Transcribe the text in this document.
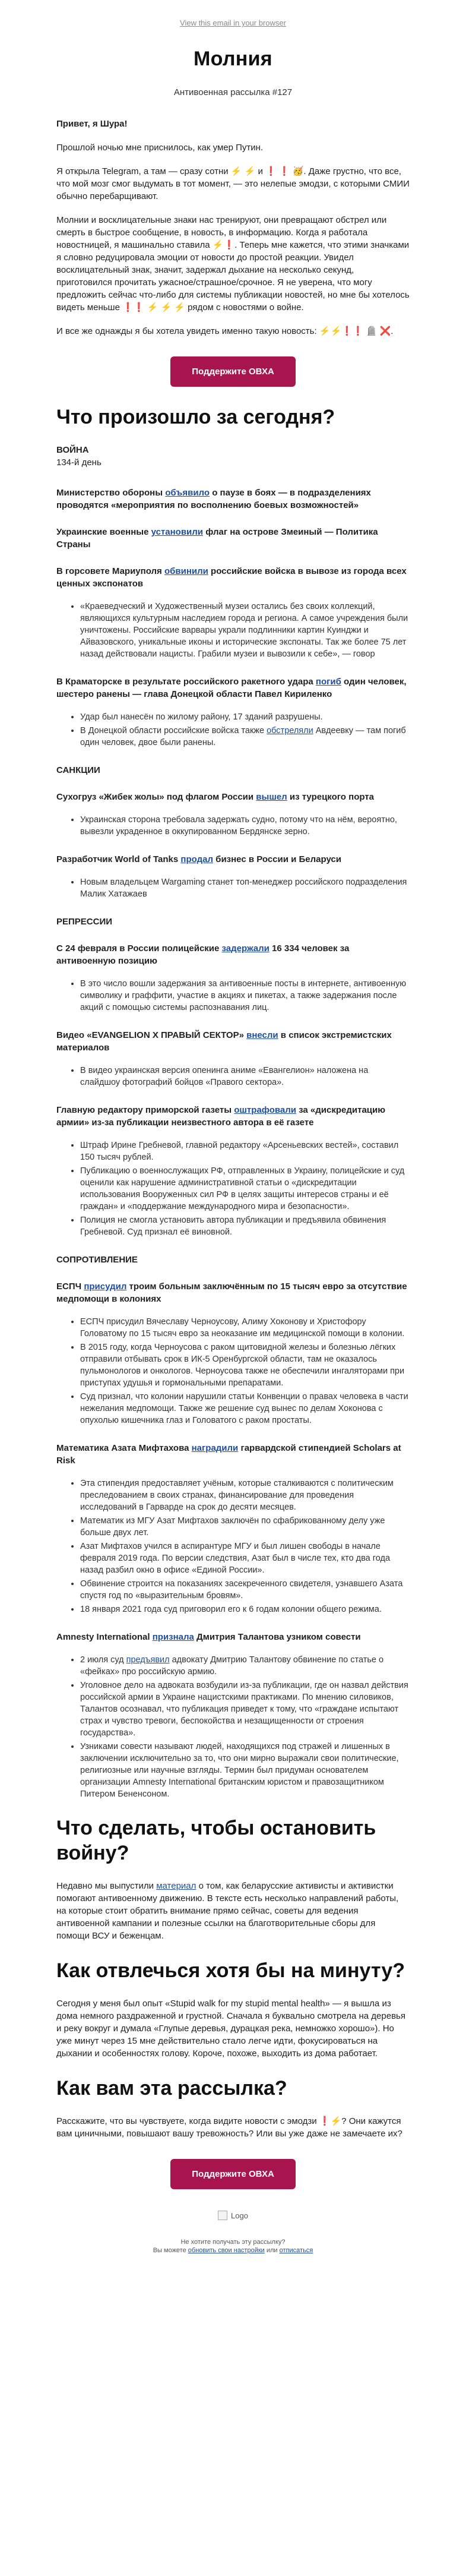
View this email in your browser
Молния
Антивоенная рассылка #127

Привет, я Шура!

Прошлой ночью мне приснилось, как умер Путин.

Я открыла Telegram, а там — сразу сотни ⚡ ⚡ и ❗ ❗ 🥳. Даже грустно, что все, что мой мозг смог выдумать в тот момент, — это нелепые эмодзи, с которыми СМИИ обычно перебарщивают.

Молнии и восклицательные знаки нас тренируют, они превращают обстрел или смерть в быстрое сообщение, в новость, в информацию. Когда я работала новостницей, я машинально ставила ⚡❗. Теперь мне кажется, что этими значками я словно редуцировала эмоции от новости до простой реакции. Увидел восклицательный знак, значит, задержал дыхание на несколько секунд, приготовился прочитать ужасное/страшное/срочное. Я не уверена, что могу предложить сейчас что-либо для системы публикации новостей, но мне бы хотелось видеть меньше ❗❗ ⚡ ⚡ ⚡ рядом с новостями о войне.

И все же однажды я бы хотела увидеть именно такую новость: ⚡⚡❗❗ 🪦 ❌.

Поддержите ОВХА
Что произошло за сегодня?
ВОЙНА
134-й день
Министерство обороны объявило о паузе в боях — в подразделениях проводятся «мероприятия по восполнению боевых возможностей»
Украинские военные установили флаг на острове Змеиный — Политика Страны
В горсовете Мариуполя обвинили российские войска в вывозе из города всех ценных экспонатов
• «Краеведческий и Художественный музеи остались без своих коллекций, являющихся культурным наследием города и региона. А самое учреждения были уничтожены. Российские варвары украли подлинники картин Куинджи и Айвазовского, уникальные иконы и исторические экспонаты. Так же более 75 лет назад действовали нацисты. Грабили музеи и вывозили к себе», — говор
В Краматорске в результате российского ракетного удара погиб один человек, шестеро ранены — глава Донецкой области Павел Кириленко
• Удар был нанесён по жилому району, 17 зданий разрушены.
• В Донецкой области российские войска также обстреляли Авдеевку — там погиб один человек, двое были ранены.
САНКЦИИ
Сухогруз «Жибек жолы» под флагом России вышел из турецкого порта
• Украинская сторона требовала задержать судно, потому что на нём, вероятно, вывезли украденное в оккупированном Бердянске зерно.
Разработчик World of Tanks продал бизнес в России и Беларуси
• Новым владельцем Wargaming станет топ-менеджер российского подразделения Малик Хатажаев
РЕПРЕССИИ
С 24 февраля в России полицейские задержали 16 334 человек за антивоенную позицию
• В это число вошли задержания за антивоенные посты в интернете, антивоенную символику и граффити, участие в акциях и пикетах, а также задержания после акций с помощью системы распознавания лиц.
Видео «EVANGELION X ПРАВЫЙ СЕКТОР» внесли в список экстремистских материалов
• В видео украинская версия опенинга аниме «Евангелион» наложена на слайдшоу фотографий бойцов «Правого сектора».
Главную редактору приморской газеты оштрафовали за «дискредитацию армии» из-за публикации неизвестного автора в её газете
• Штраф Ирине Гребневой, главной редактору «Арсеньевских вестей», составил 150 тысяч рублей.
• Публикацию о военнослужащих РФ, отправленных в Украину, полицейские и суд оценили как нарушение административной статьи о «дискредитации использования Вооруженных сил РФ в целях защиты интересов страны и её граждан» и «поддержание международного мира и безопасности».
• Полиция не смогла установить автора публикации и предъявила обвинения Гребневой. Суд признал её виновной.
СОПРОТИВЛЕНИЕ
ЕСПЧ присудил троим больным заключённым по 15 тысяч евро за отсутствие медпомощи в колониях
• ЕСПЧ присудил Вячеславу Черноусову, Алиму Хоконову и Христофору Головатому по 15 тысяч евро за неоказание им медицинской помощи в колонии.
• В 2015 году, когда Черноусова с раком щитовидной железы и болезнью лёгких отправили отбывать срок в ИК-5 Оренбургской области, там не оказалось пульмонологов и онкологов. Черноусова также не обеспечили ингаляторами при приступах удушья и гормональными препаратами.
• Суд признал, что колонии нарушили статьи Конвенции о правах человека в части нежелания медпомощи. Также же решение суд вынес по делам Хоконова с опухолью кишечника глаз и Головатого с раком простаты.
Математика Азата Мифтахова наградили гарвардской стипендией Scholars at Risk
• Эта стипендия предоставляет учёным, которые сталкиваются с политическим преследованием в своих странах, финансирование для проведения исследований в Гарварде на срок до десяти месяцев.
• Математик из МГУ Азат Мифтахов заключён по сфабрикованному делу уже больше двух лет.
• Азат Мифтахов учился в аспирантуре МГУ и был лишен свободы в начале февраля 2019 года. По версии следствия, Азат был в числе тех, кто два года назад разбил окно в офисе «Единой России».
• Обвинение строится на показаниях засекреченного свидетеля, узнавшего Азата спустя год по «выразительным бровям».
• 18 января 2021 года суд приговорил его к 6 годам колонии общего режима.
Amnesty International признала Дмитрия Талантова узником совести
• 2 июля суд предъявил адвокату Дмитрию Талантову обвинение по статье о «фейках» про российскую армию.
• Уголовное дело на адвоката возбудили из-за публикации, где он назвал действия российской армии в Украине нацистскими практиками. По мнению силовиков, Талантов осознавал, что публикация приведет к тому, что «граждане испытают страх и чувство тревоги, беспокойства и незащищенности от строения государства».
• Узниками совести называют людей, находящихся под стражей и лишенных в заключении исключительно за то, что они мирно выражали свои политические, религиозные или научные взгляды. Термин был придуман основателем организации Amnesty International британским юристом и правозащитником Питером Бененсоном.
Что сделать, чтобы остановить войну?

Недавно мы выпустили материал о том, как беларусские активисты и активистки помогают антивоенному движению. В тексте есть несколько направлений работы, на которые стоит обратить внимание прямо сейчас, советы для ведения антивоенной кампании и полезные ссылки на благотворительные сборы для помощи ВСУ и беженцам.

Как отвлечься хотя бы на минуту?

Сегодня у меня был опыт «Stupid walk for my stupid mental health» — я вышла из дома немного раздраженной и грустной. Сначала я буквально смотрела на деревья и реку вокруг и думала «Глупые деревья, дурацкая река, немножко хорошо»). Но уже минут через 15 мне действительно стало легче идти, фокусироваться на дыхании и особенностях голову. Короче, похоже, выходить из дома работает.

Как вам эта рассылка?

Расскажите, что вы чувствуете, когда видите новости с эмодзи ❗⚡? Они кажутся вам циничными, повышают вашу тревожность? Или вы уже даже не замечаете их?

Поддержите ОВХА
Logo
Не хотите получать эту рассылку?
Вы можете обновить свои настройки или отписаться
